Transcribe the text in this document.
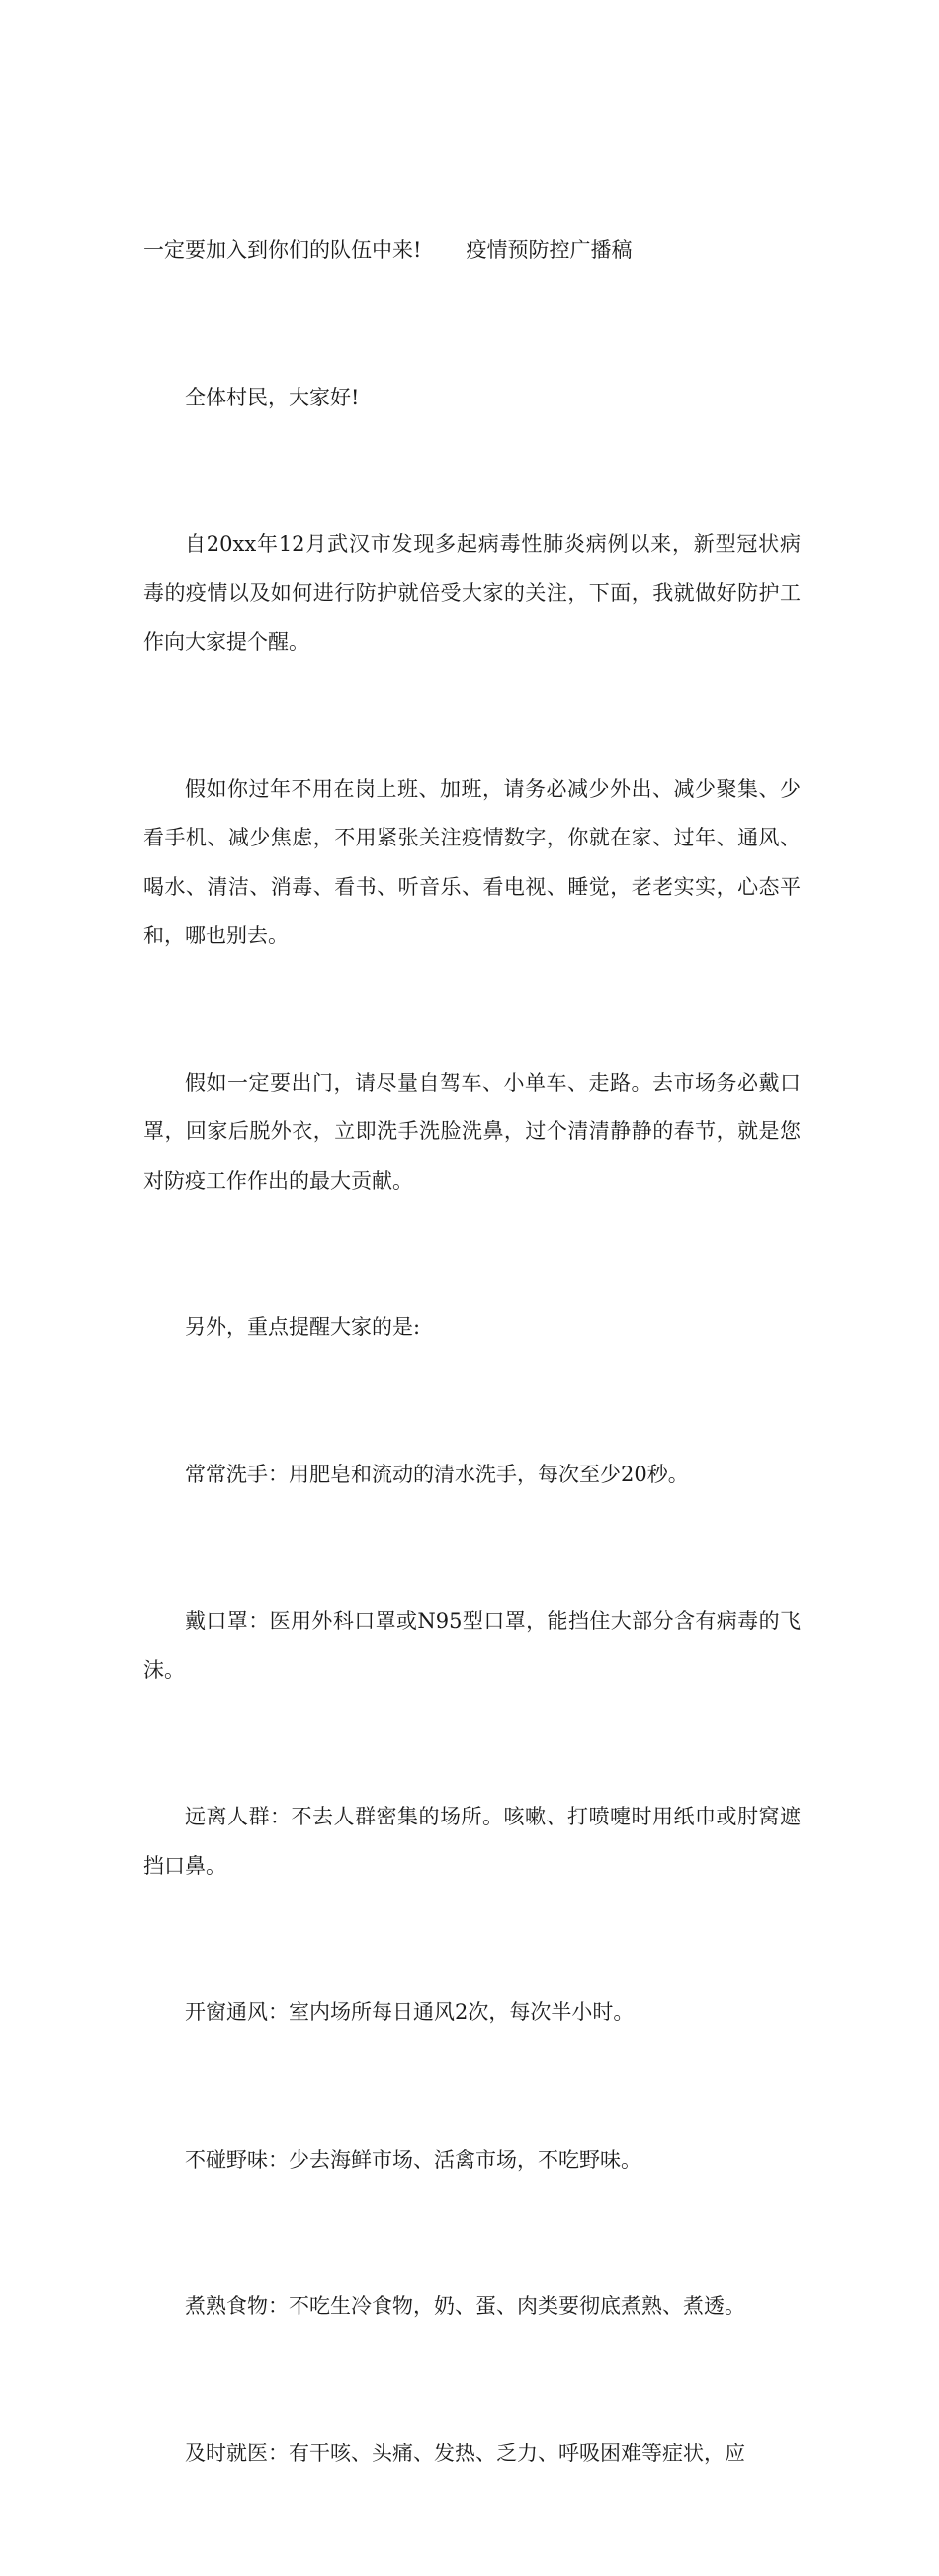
一定要加入到你们的队伍中来! 疫情预防控广播稿

全体村民，大家好!

自20xx年12月武汉市发现多起病毒性肺炎病例以来，新型冠状病毒的疫情以及如何进行防护就倍受大家的关注，下面，我就做好防护工作向大家提个醒。

假如你过年不用在岗上班、加班，请务必减少外出、减少聚集、少看手机、减少焦虑，不用紧张关注疫情数字，你就在家、过年、通风、喝水、清洁、消毒、看书、听音乐、看电视、睡觉，老老实实，心态平和，哪也别去。

假如一定要出门，请尽量自驾车、小单车、走路。去市场务必戴口罩，回家后脱外衣，立即洗手洗脸洗鼻，过个清清静静的春节，就是您对防疫工作作出的最大贡献。

另外，重点提醒大家的是:

常常洗手：用肥皂和流动的清水洗手，每次至少20秒。

戴口罩：医用外科口罩或N95型口罩，能挡住大部分含有病毒的飞沫。

远离人群：不去人群密集的场所。咳嗽、打喷嚏时用纸巾或肘窝遮挡口鼻。

开窗通风：室内场所每日通风2次，每次半小时。

不碰野味：少去海鲜市场、活禽市场，不吃野味。

煮熟食物：不吃生冷食物，奶、蛋、肉类要彻底煮熟、煮透。

及时就医：有干咳、头痛、发热、乏力、呼吸困难等症状，应
